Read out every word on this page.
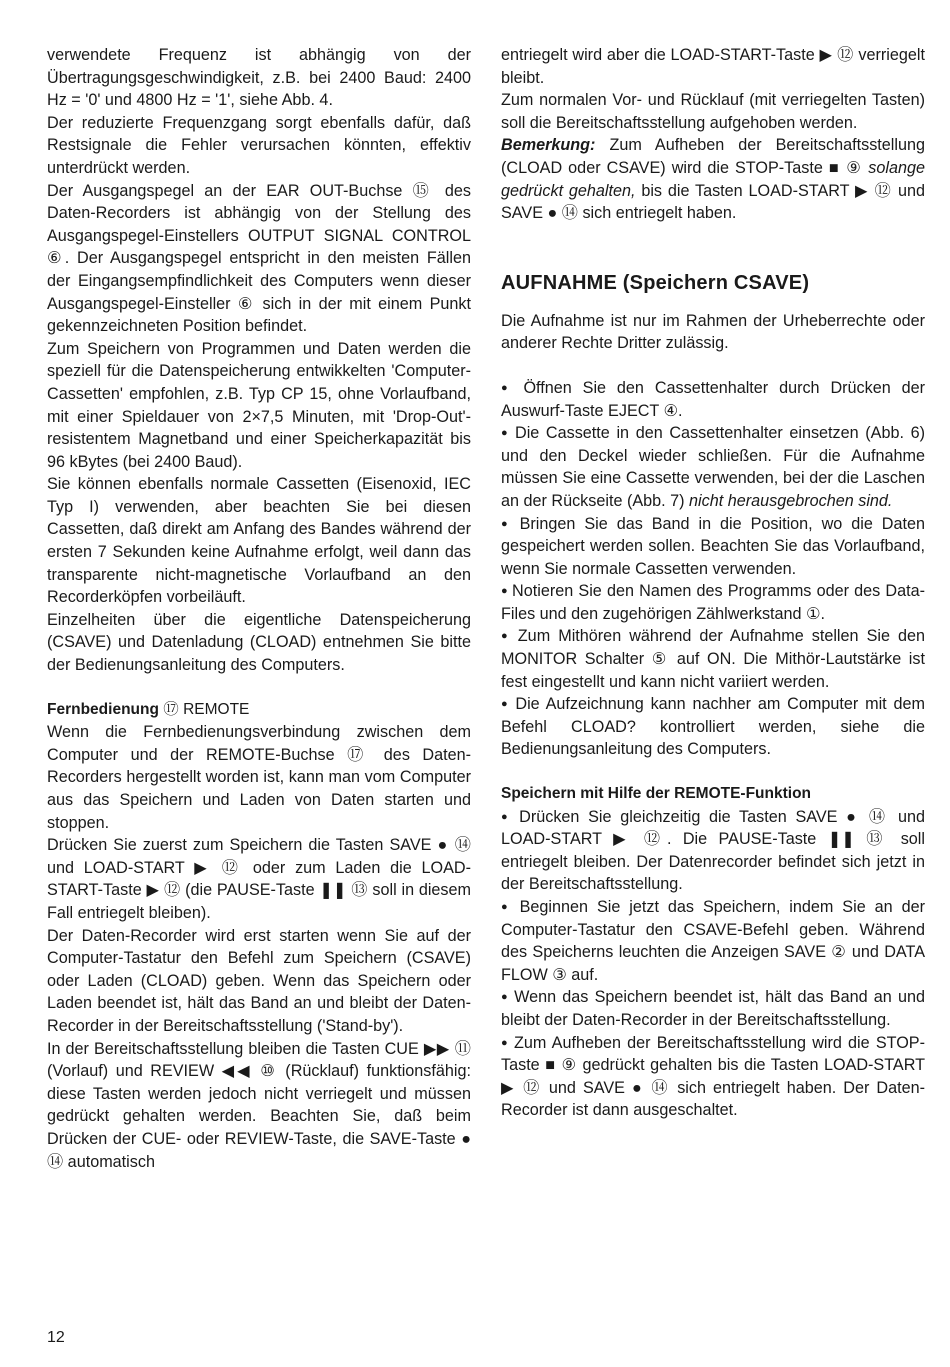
verwendete Frequenz ist abhängig von der Übertragungsgeschwindigkeit, z.B. bei 2400 Baud: 2400 Hz = '0' und 4800 Hz = '1', siehe Abb. 4.

Der reduzierte Frequenzgang sorgt ebenfalls dafür, daß Restsignale die Fehler verursachen könnten, effektiv unterdrückt werden.

Der Ausgangspegel an der EAR OUT-Buchse ⑮ des Daten-Recorders ist abhängig von der Stellung des Ausgangspegel-Einstellers OUTPUT SIGNAL CONTROL ⑥. Der Ausgangspegel entspricht in den meisten Fällen der Eingangsempfindlichkeit des Computers wenn dieser Ausgangspegel-Einsteller ⑥ sich in der mit einem Punkt gekennzeichneten Position befindet.

Zum Speichern von Programmen und Daten werden die speziell für die Datenspeicherung entwikkelten 'Computer-Cassetten' empfohlen, z.B. Typ CP 15, ohne Vorlaufband, mit einer Spieldauer von 2×7,5 Minuten, mit 'Drop-Out'-resistentem Magnetband und einer Speicherkapazität bis 96 kBytes (bei 2400 Baud).

Sie können ebenfalls normale Cassetten (Eisenoxid, IEC Typ I) verwenden, aber beachten Sie bei diesen Cassetten, daß direkt am Anfang des Bandes während der ersten 7 Sekunden keine Aufnahme erfolgt, weil dann das transparente nicht-magnetische Vorlaufband an den Recorderköpfen vorbeiläuft.

Einzelheiten über die eigentliche Datenspeicherung (CSAVE) und Datenladung (CLOAD) entnehmen Sie bitte der Bedienungsanleitung des Computers.

Fernbedienung ⑰ REMOTE

Wenn die Fernbedienungsverbindung zwischen dem Computer und der REMOTE-Buchse ⑰ des Daten-Recorders hergestellt worden ist, kann man vom Computer aus das Speichern und Laden von Daten starten und stoppen.

Drücken Sie zuerst zum Speichern die Tasten SAVE ● ⑭ und LOAD-START ▶ ⑫ oder zum Laden die LOAD-START-Taste ▶ ⑫ (die PAUSE-Taste ❚❚ ⑬ soll in diesem Fall entriegelt bleiben).

Der Daten-Recorder wird erst starten wenn Sie auf der Computer-Tastatur den Befehl zum Speichern (CSAVE) oder Laden (CLOAD) geben. Wenn das Speichern oder Laden beendet ist, hält das Band an und bleibt der Daten-Recorder in der Bereitschaftsstellung ('Stand-by').

In der Bereitschaftsstellung bleiben die Tasten CUE ▶▶ ⑪ (Vorlauf) und REVIEW ◀◀ ⑩ (Rücklauf) funktionsfähig: diese Tasten werden jedoch nicht verriegelt und müssen gedrückt gehalten werden. Beachten Sie, daß beim Drücken der CUE- oder REVIEW-Taste, die SAVE-Taste ● ⑭ automatisch

entriegelt wird aber die LOAD-START-Taste ▶ ⑫ verriegelt bleibt.

Zum normalen Vor- und Rücklauf (mit verriegelten Tasten) soll die Bereitschaftsstellung aufgehoben werden.

Bemerkung: Zum Aufheben der Bereitschaftsstellung (CLOAD oder CSAVE) wird die STOP-Taste ■ ⑨ solange gedrückt gehalten, bis die Tasten LOAD-START ▶ ⑫ und SAVE ● ⑭ sich entriegelt haben.

AUFNAHME (Speichern CSAVE)

Die Aufnahme ist nur im Rahmen der Urheberrechte oder anderer Rechte Dritter zulässig.

● Öffnen Sie den Cassettenhalter durch Drücken der Auswurf-Taste EJECT ④.

● Die Cassette in den Cassettenhalter einsetzen (Abb. 6) und den Deckel wieder schließen. Für die Aufnahme müssen Sie eine Cassette verwenden, bei der die Laschen an der Rückseite (Abb. 7) nicht herausgebrochen sind.

● Bringen Sie das Band in die Position, wo die Daten gespeichert werden sollen. Beachten Sie das Vorlaufband, wenn Sie normale Cassetten verwenden.

● Notieren Sie den Namen des Programms oder des Data-Files und den zugehörigen Zählwerkstand ①.

● Zum Mithören während der Aufnahme stellen Sie den MONITOR Schalter ⑤ auf ON. Die Mithör-Lautstärke ist fest eingestellt und kann nicht variiert werden.

● Die Aufzeichnung kann nachher am Computer mit dem Befehl CLOAD? kontrolliert werden, siehe die Bedienungsanleitung des Computers.

Speichern mit Hilfe der REMOTE-Funktion

● Drücken Sie gleichzeitig die Tasten SAVE ● ⑭ und LOAD-START ▶ ⑫. Die PAUSE-Taste ❚❚ ⑬ soll entriegelt bleiben. Der Datenrecorder befindet sich jetzt in der Bereitschaftsstellung.

● Beginnen Sie jetzt das Speichern, indem Sie an der Computer-Tastatur den CSAVE-Befehl geben. Während des Speicherns leuchten die Anzeigen SAVE ② und DATA FLOW ③ auf.

● Wenn das Speichern beendet ist, hält das Band an und bleibt der Daten-Recorder in der Bereitschaftsstellung.

● Zum Aufheben der Bereitschaftsstellung wird die STOP-Taste ■ ⑨ gedrückt gehalten bis die Tasten LOAD-START ▶ ⑫ und SAVE ● ⑭ sich entriegelt haben. Der Daten-Recorder ist dann ausgeschaltet.

12
